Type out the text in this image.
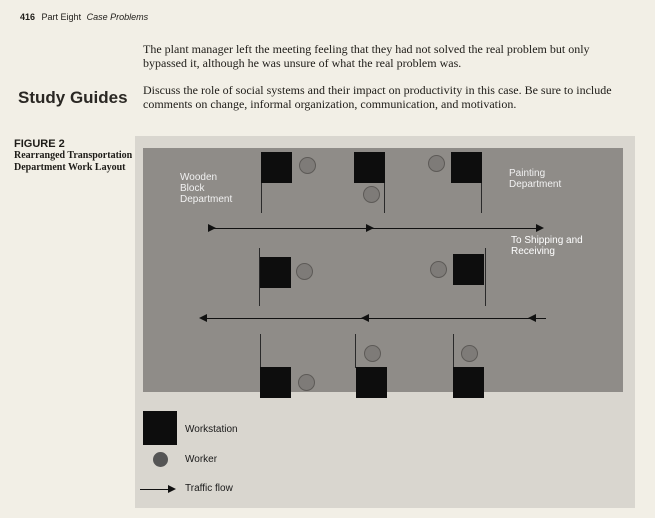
416 Part Eight Case Problems
The plant manager left the meeting feeling that they had not solved the real problem but only bypassed it, although he was unsure of what the real problem was.
Study Guides Discuss the role of social systems and their impact on productivity in this case. Be sure to include comments on change, informal organization, communication, and motivation.
FIGURE 2
Rearranged Transportation Department Work Layout
Wooden Block Department
Painting Department
To Shipping and Receiving
Workstation
Worker
Traffic flow
